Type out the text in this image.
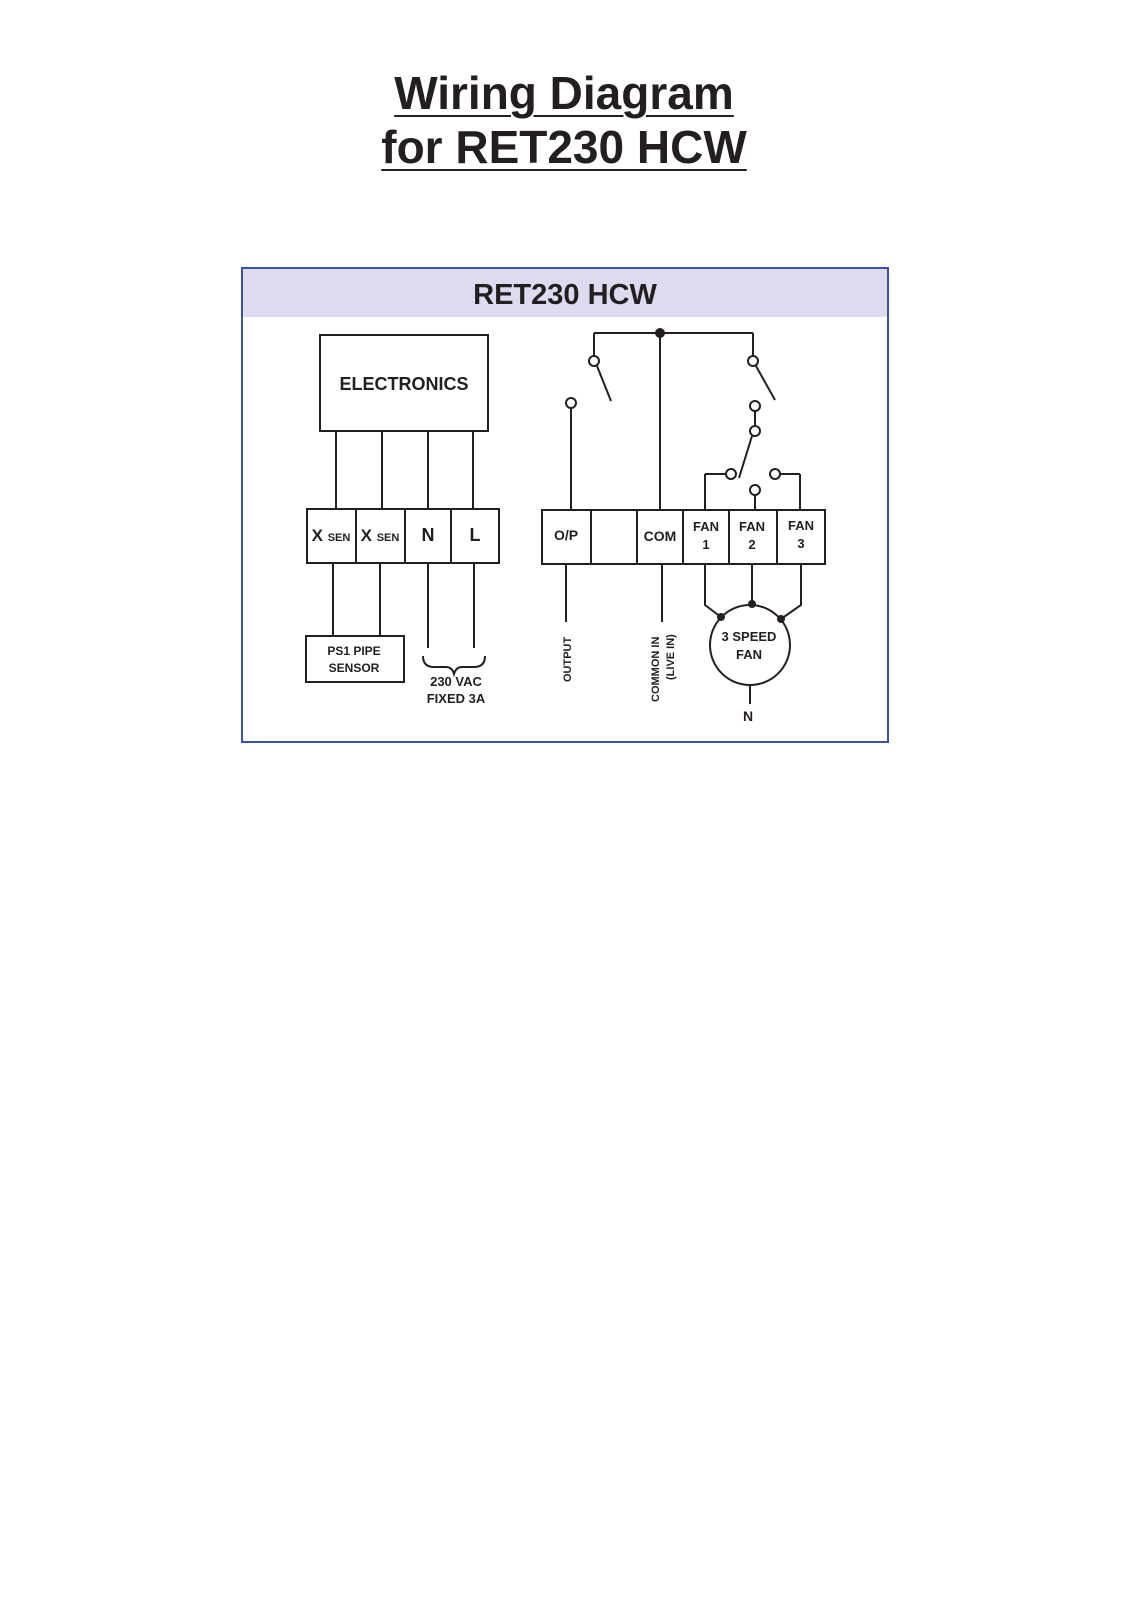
Wiring Diagram
for RET230 HCW
RET230 HCW
ELECTRONICS
X SEN X SEN N L	O/P	COM
FAN
1
FAN
2
FAN
3
PS1 PIPE
SENSOR
230 VAC
FIXED 3A
OUTPUT	COMMON IN (LIVE IN)	3 SPEED
FAN
N
